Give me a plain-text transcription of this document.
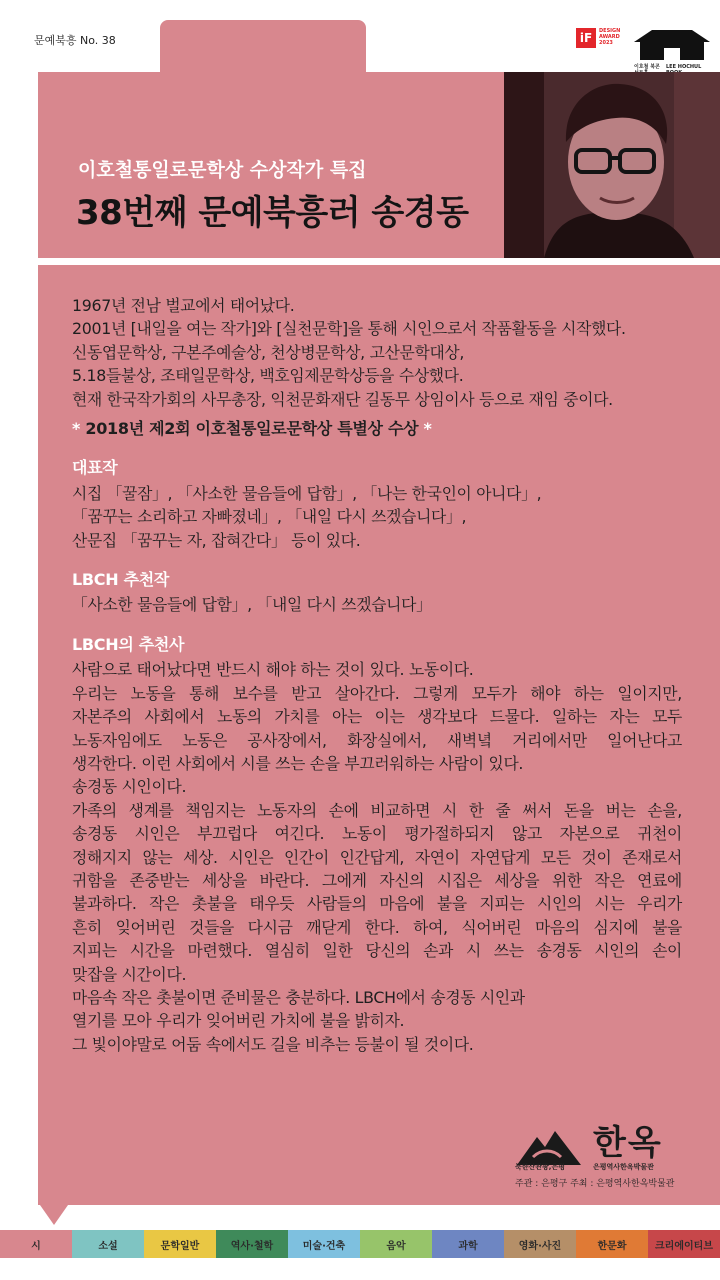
문예북흥 No. 38	iF	DESIGN
AWARD
2023
이호철 북콘	LEE HOCHUL
이호철통일로문학상 수상작가 특집
38번째 문예북흥러 송경동

1967년 전남 벌교에서 태어났다.

2001년 [내일을 여는 작가]와 [실천문학]을 통해 시인으로서 작품활동을 시작했다.

신동엽문학상, 구본주예술상, 천상병문학상, 고산문학대상,

5.18들불상, 조태일문학상, 백호임제문학상등을 수상했다.

현재 한국작가회의 사무총장, 익천문화재단 길동무 상임이사 등으로 재임 중이다.

* 2018년 제2회 이호철통일로문학상 특별상 수상 *

대표작

시집 「꿀잠」, 「사소한 물음들에 답함」, 「나는 한국인이 아니다」,

「꿈꾸는 소리하고 자빠졌네」, 「내일 다시 쓰겠습니다」,

산문집 「꿈꾸는 자, 잡혀간다」 등이 있다.

LBCH 추천작

「사소한 물음들에 답함」, 「내일 다시 쓰겠습니다」

LBCH의 추천사

사람으로 태어났다면 반드시 해야 하는 것이 있다. 노동이다.

우리는 노동을 통해 보수를 받고 살아간다. 그렇게 모두가 해야 하는 일이지만,

자본주의 사회에서 노동의 가치를 아는 이는 생각보다 드물다. 일하는 자는 모두

노동자임에도 노동은 공사장에서, 화장실에서, 새벽녘 거리에서만 일어난다고

생각한다. 이런 사회에서 시를 쓰는 손을 부끄러워하는 사람이 있다.

송경동 시인이다.

가족의 생계를 책임지는 노동자의 손에 비교하면 시 한 줄 써서 돈을 버는 손을,

송경동 시인은 부끄럽다 여긴다. 노동이 평가절하되지 않고 자본으로 귀천이

정해지지 않는 세상. 시인은 인간이 인간답게, 자연이 자연답게 모든 것이 존재로서

귀함을 존중받는 세상을 바란다. 그에게 자신의 시집은 세상을 위한 작은 연료에

불과하다. 작은 촛불을 태우듯 사람들의 마음에 불을 지피는 시인의 시는 우리가

흔히 잊어버린 것들을 다시금 깨닫게 한다. 하여, 식어버린 마음의 심지에 불을

지피는 시간을 마련했다. 열심히 일한 당신의 손과 시 쓰는 송경동 시인의 손이

맞잡을 시간이다.

마음속 작은 촛불이면 준비물은 충분하다. LBCH에서 송경동 시인과

열기를 모아 우리가 잊어버린 가치에 불을 밝히자.

그 빛이야말로 어둠 속에서도 길을 비추는 등불이 될 것이다.

북한산관광,은평
한옥
은평역사한옥박물관
주관 : 은평구 주최 : 은평역사한옥박물관
시	소설	문학일반	역사·철학	미술·건축	음악	과학	영화·사진	한문화	크리에이티브
